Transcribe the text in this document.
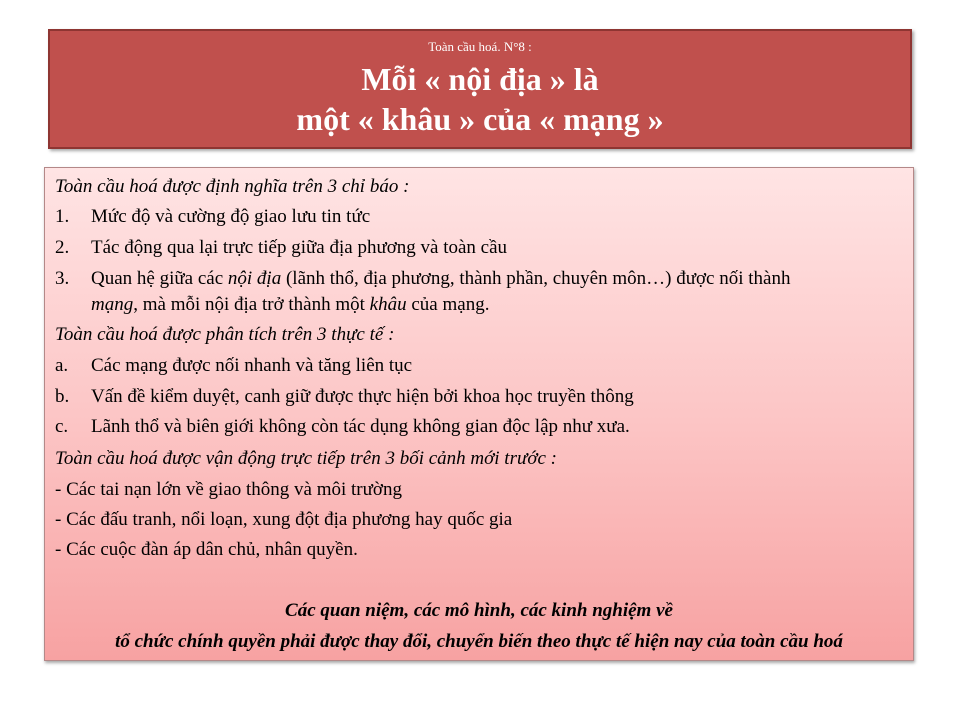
Toàn cầu hoá. N°8 :
Mỗi « nội địa » là
một « khâu » của « mạng »
Toàn cầu hoá được định nghĩa trên 3 chỉ báo :
1. Mức độ và cường độ giao lưu tin tức
2. Tác động qua lại trực tiếp giữa địa phương và toàn cầu
3. Quan hệ giữa các nội địa (lãnh thổ, địa phương, thành phần, chuyên môn…) được nối thành
mạng, mà mỗi nội địa trở thành một khâu của mạng.
Toàn cầu hoá được phân tích trên 3 thực tế :
a. Các mạng được nối nhanh và tăng liên tục
b. Vấn đề kiểm duyệt, canh giữ được thực hiện bởi khoa học truyền thông
c. Lãnh thổ và biên giới không còn tác dụng không gian độc lập như xưa.
Toàn cầu hoá được vận động trực tiếp trên 3 bối cảnh mới trước :
- Các tai nạn lớn về giao thông và môi trường
- Các đấu tranh, nổi loạn, xung đột địa phương hay quốc gia
- Các cuộc đàn áp dân chủ, nhân quyền.
Các quan niệm, các mô hình, các kinh nghiệm về
tổ chức chính quyền phải được thay đổi, chuyển biến theo thực tế hiện nay của toàn cầu hoá
